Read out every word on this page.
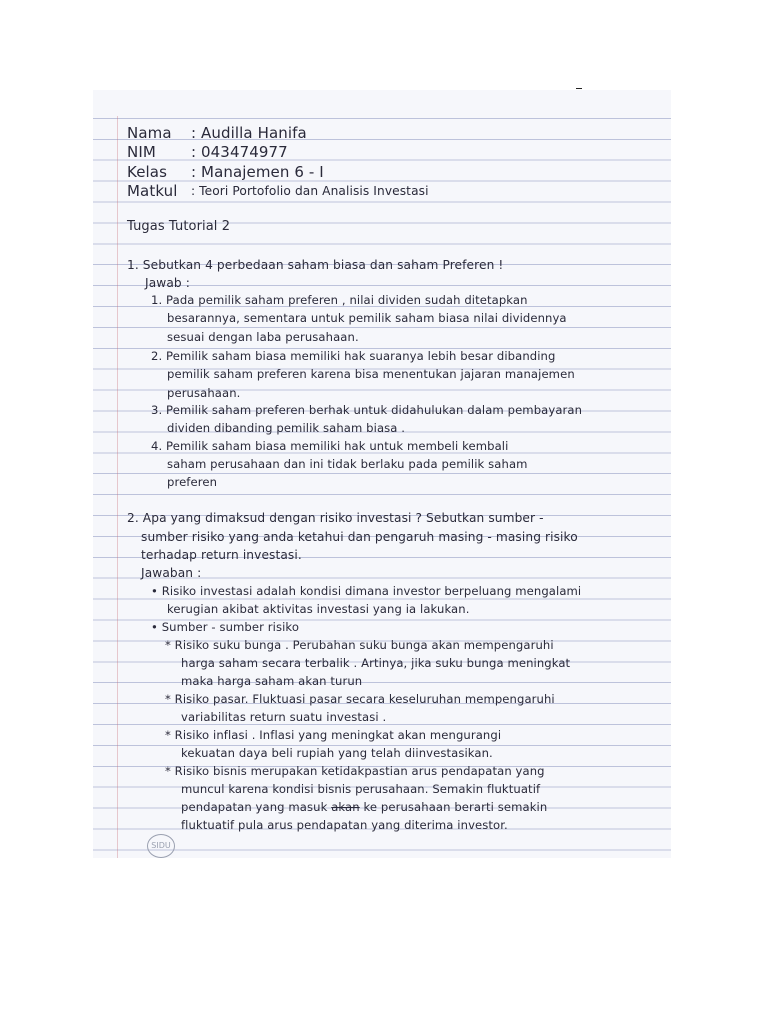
Nama : Audilla Hanifa
NIM : 043474977
Kelas : Manajemen 6 - I
Matkul : Teori Portofolio dan Analisis Investasi
Tugas Tutorial 2
1. Sebutkan 4 perbedaan saham biasa dan saham Preferen !
Jawab :
1. Pada pemilik saham preferen , nilai dividen sudah ditetapkan
besarannya, sementara untuk pemilik saham biasa nilai dividennya
sesuai dengan laba perusahaan.
2. Pemilik saham biasa memiliki hak suaranya lebih besar dibanding
pemilik saham preferen karena bisa menentukan jajaran manajemen
perusahaan.
3. Pemilik saham preferen berhak untuk didahulukan dalam pembayaran
dividen dibanding pemilik saham biasa .
4. Pemilik saham biasa memiliki hak untuk membeli kembali
saham perusahaan dan ini tidak berlaku pada pemilik saham
preferen
2. Apa yang dimaksud dengan risiko investasi ? Sebutkan sumber -
sumber risiko yang anda ketahui dan pengaruh masing - masing risiko
terhadap return investasi.
Jawaban :
• Risiko investasi adalah kondisi dimana investor berpeluang mengalami
kerugian akibat aktivitas investasi yang ia lakukan.
• Sumber - sumber risiko
* Risiko suku bunga . Perubahan suku bunga akan mempengaruhi
harga saham secara terbalik . Artinya, jika suku bunga meningkat
maka harga saham akan turun
* Risiko pasar. Fluktuasi pasar secara keseluruhan mempengaruhi
variabilitas return suatu investasi .
* Risiko inflasi . Inflasi yang meningkat akan mengurangi
kekuatan daya beli rupiah yang telah diinvestasikan.
* Risiko bisnis merupakan ketidakpastian arus pendapatan yang
muncul karena kondisi bisnis perusahaan. Semakin fluktuatif
pendapatan yang masuk akan ke perusahaan berarti semakin
fluktuatif pula arus pendapatan yang diterima investor.
SIDU
